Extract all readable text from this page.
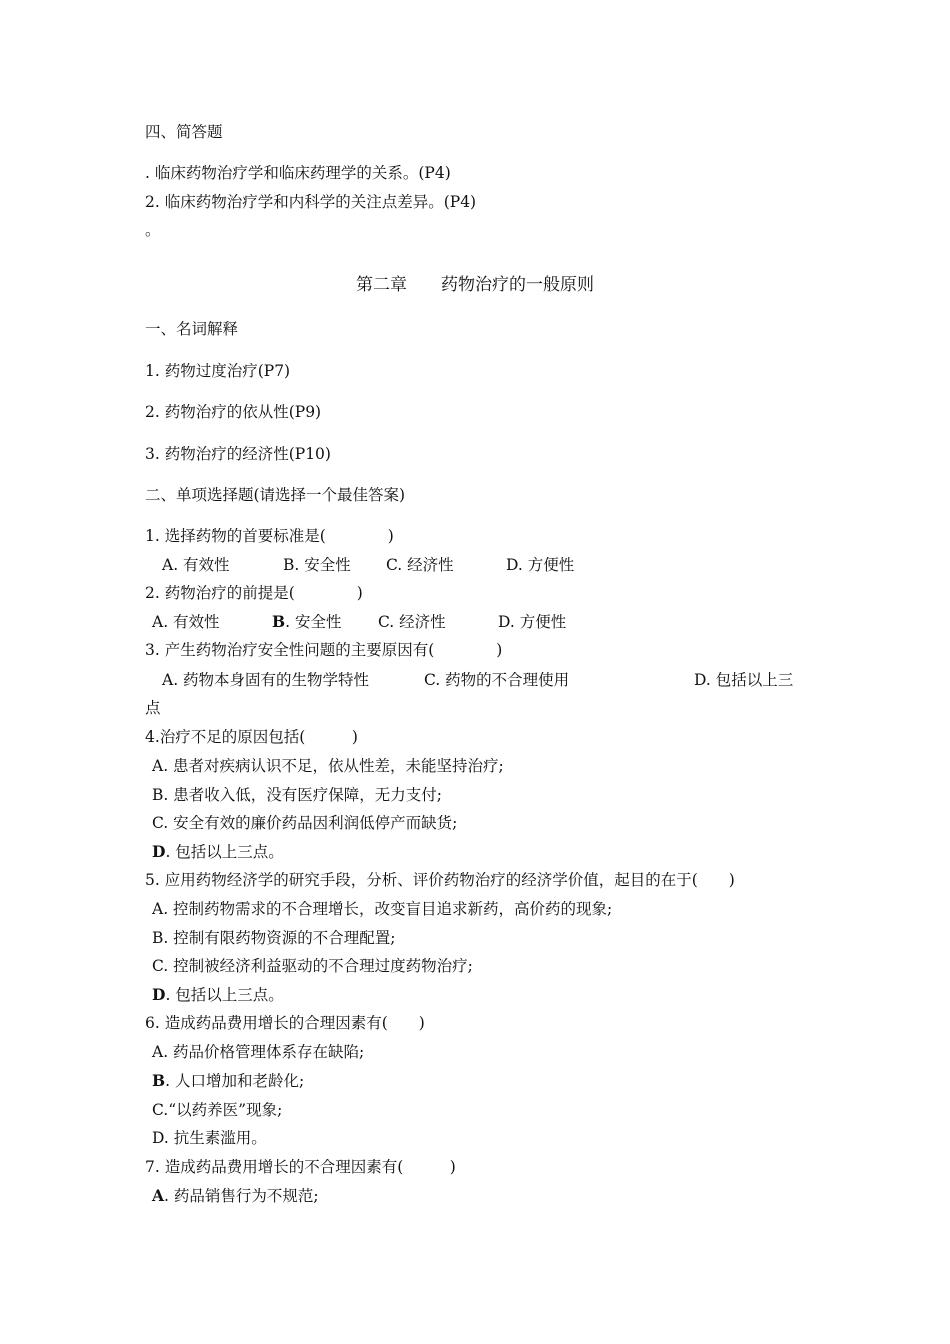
四、简答题
. 临床药物治疗学和临床药理学的关系。(P4)
2. 临床药物治疗学和内科学的关注点差异。(P4)
。
第二章　　药物治疗的一般原则
一、名词解释
1. 药物过度治疗(P7)
2. 药物治疗的依从性(P9)
3. 药物治疗的经济性(P10)
二、单项选择题(请选择一个最佳答案)
1. 选择药物的首要标准是(　　　　)
A. 有效性	B. 安全性 C. 经济性	D. 方便性
2. 药物治疗的前提是(　　　　)
A. 有效性	B. 安全性 C. 经济性	D. 方便性
3. 产生药物治疗安全性问题的主要原因有(　　　　)
A. 药物本身固有的生物学特性	C. 药物的不合理使用	D. 包括以上三
点
4.治疗不足的原因包括(　　　)
A. 患者对疾病认识不足，依从性差，未能坚持治疗;
B. 患者收入低，没有医疗保障，无力支付;
C. 安全有效的廉价药品因利润低停产而缺货;
D. 包括以上三点。
5. 应用药物经济学的研究手段，分析、评价药物治疗的经济学价值，起目的在于(　　)
A. 控制药物需求的不合理增长，改变盲目追求新药，高价药的现象;
B. 控制有限药物资源的不合理配置;
C. 控制被经济利益驱动的不合理过度药物治疗;
D. 包括以上三点。
6. 造成药品费用增长的合理因素有(　　)
A. 药品价格管理体系存在缺陷;
B. 人口增加和老龄化;
C.“以药养医”现象;
D. 抗生素滥用。
7. 造成药品费用增长的不合理因素有(　　　)
A. 药品销售行为不规范;
